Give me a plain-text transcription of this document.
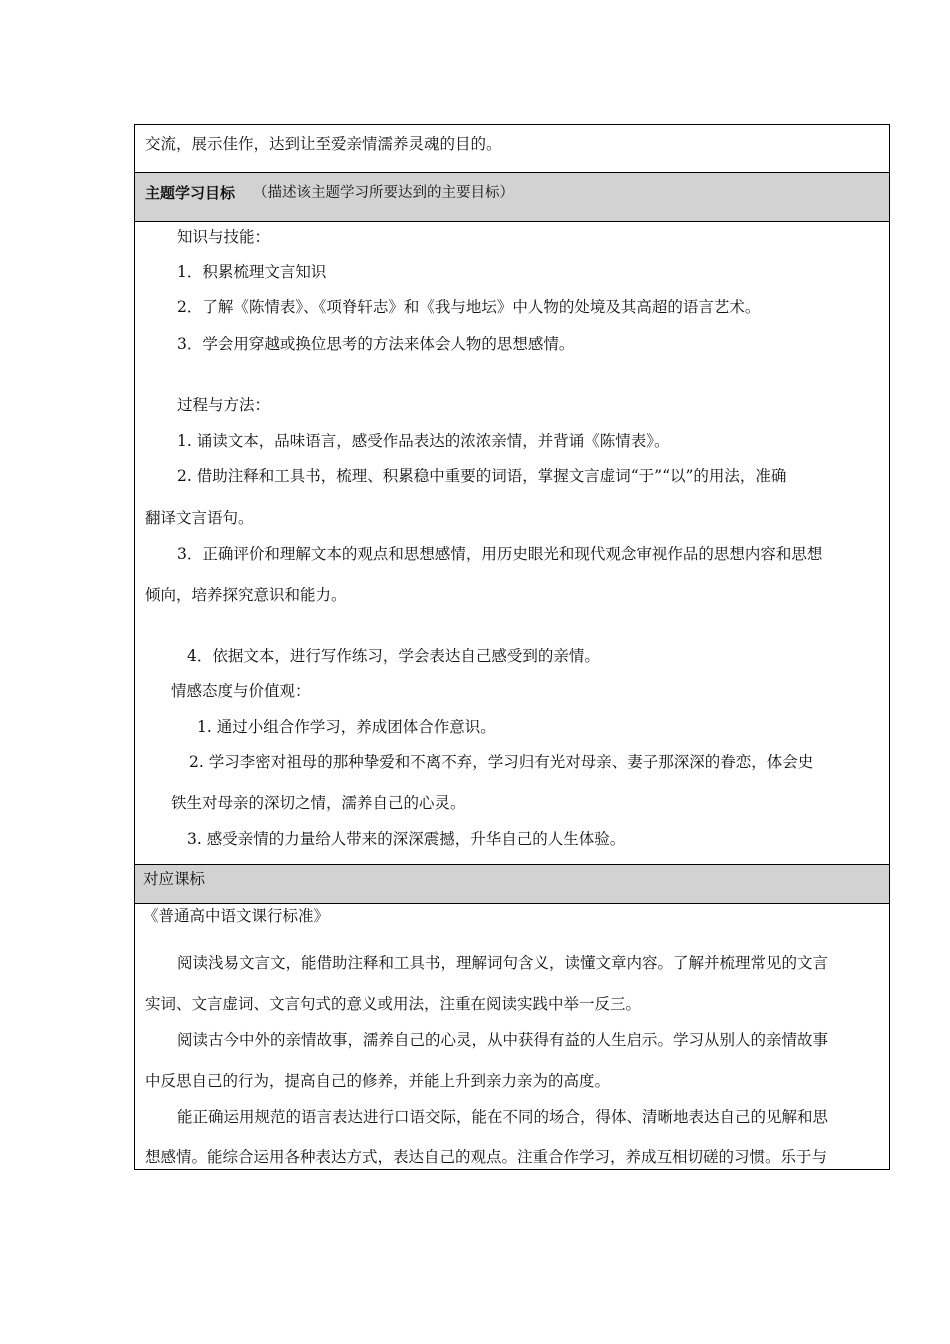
交流，展示佳作，达到让至爱亲情濡养灵魂的目的。
主题学习目标 （描述该主题学习所要达到的主要目标）
知识与技能：
1．积累梳理文言知识
2．了解《陈情表》、《项脊轩志》和《我与地坛》中人物的处境及其高超的语言艺术。
3．学会用穿越或换位思考的方法来体会人物的思想感情。
过程与方法：
1. 诵读文本，品味语言，感受作品表达的浓浓亲情，并背诵《陈情表》。
2. 借助注释和工具书，梳理、积累稳中重要的词语，掌握文言虚词“于”“以”的用法，准确
翻译文言语句。
3．正确评价和理解文本的观点和思想感情，用历史眼光和现代观念审视作品的思想内容和思想
倾向，培养探究意识和能力。
4．依据文本，进行写作练习，学会表达自己感受到的亲情。
情感态度与价值观：
1. 通过小组合作学习，养成团体合作意识。
2. 学习李密对祖母的那种挚爱和不离不弃，学习归有光对母亲、妻子那深深的眷恋，体会史
铁生对母亲的深切之情，濡养自己的心灵。
3. 感受亲情的力量给人带来的深深震撼，升华自己的人生体验。
对应课标
《普通高中语文课行标准》
阅读浅易文言文，能借助注释和工具书，理解词句含义，读懂文章内容。了解并梳理常见的文言
实词、文言虚词、文言句式的意义或用法，注重在阅读实践中举一反三。
阅读古今中外的亲情故事，濡养自己的心灵，从中获得有益的人生启示。学习从别人的亲情故事
中反思自己的行为，提高自己的修养，并能上升到亲力亲为的高度。
能正确运用规范的语言表达进行口语交际，能在不同的场合，得体、清晰地表达自己的见解和思
想感情。能综合运用各种表达方式，表达自己的观点。注重合作学习，养成互相切磋的习惯。乐于与
